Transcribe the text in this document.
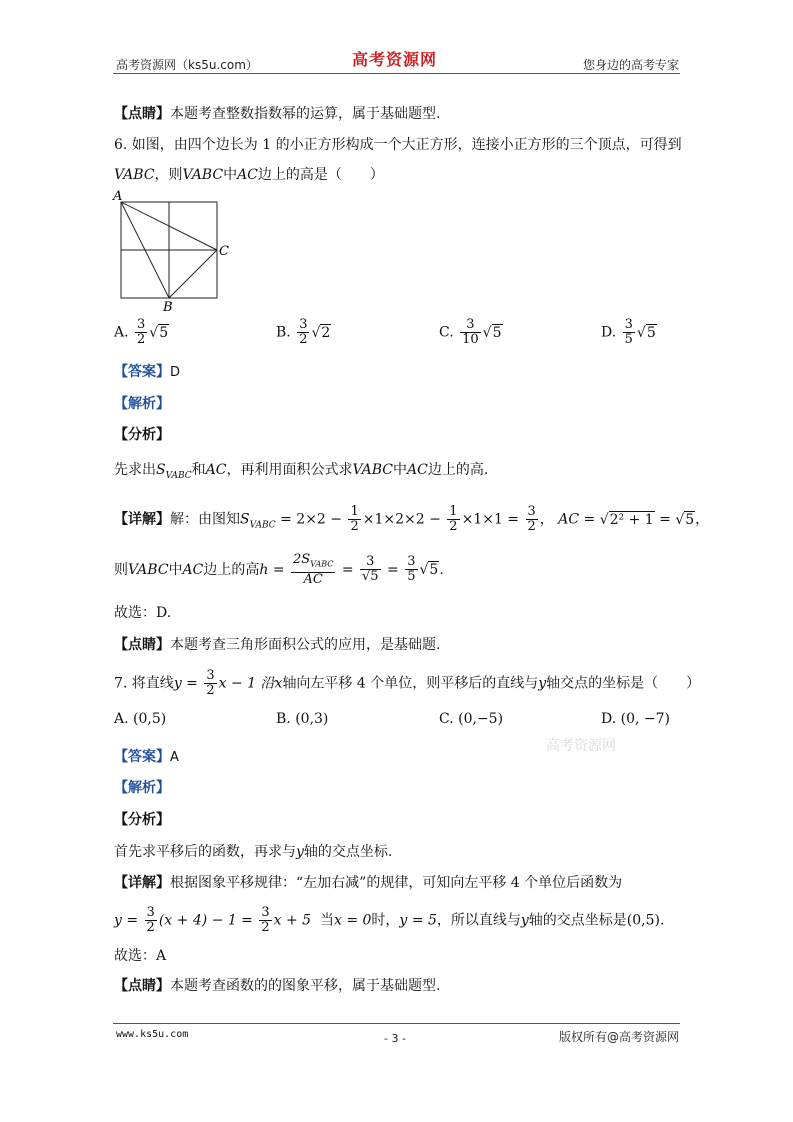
高考资源网（ks5u.com）	高考资源网	您身边的高考专家
【点睛】本题考查整数指数幂的运算，属于基础题型.
6. 如图，由四个边长为 1 的小正方形构成一个大正方形，连接小正方形的三个顶点，可得到
VABC，则VABC中AC边上的高是（　　）
A
C
B
A. $\frac{3}{2} √5$	B. $\frac{3}{2} √2$	C. $\frac{3}{10} √5$	D. $\frac{3}{5} √5$
【答案】D
【解析】
【分析】
先求出$S_{VABC}$和AC，再利用面积公式求VABC中AC边上的高.
【详解】解：由图知$S_{VABC} = 2\times 2 - \frac{1}{2} \times 1\times 2\times 2 - \frac{1}{2} \times 1\times 1 = \frac{3}{2}$ ， AC = √2² + 1 = √5，
则VABC中AC边上的高$h = \frac{2S_{VABC}}{AC} = \frac{3}{√5} = \frac{3}{5} √5$.
故选：D.
【点睛】本题考查三角形面积公式的应用，是基础题.
7. 将直线$y = \frac{3}{2}$ x − 1 沿x轴向左平移 4 个单位，则平移后的直线与y轴交点的坐标是（　　）
A. (0,5)	B. (0,3)	C. (0,−5)	D. (0, −7)
高考资源网
【答案】A
【解析】
【分析】
首先求平移后的函数，再求与y轴的交点坐标.
【详解】根据图象平移规律：“左加右减”的规律，可知向左平移 4 个单位后函数为
$y = \frac{3}{2} (x + 4) - 1 = \frac{3}{2}$ x + 5 当x = 0时，y = 5，所以直线与y轴的交点坐标是(0,5).
故选：A
【点睛】本题考查函数的的图象平移，属于基础题型.
www.ks5u.com	- 3 -	版权所有@高考资源网
